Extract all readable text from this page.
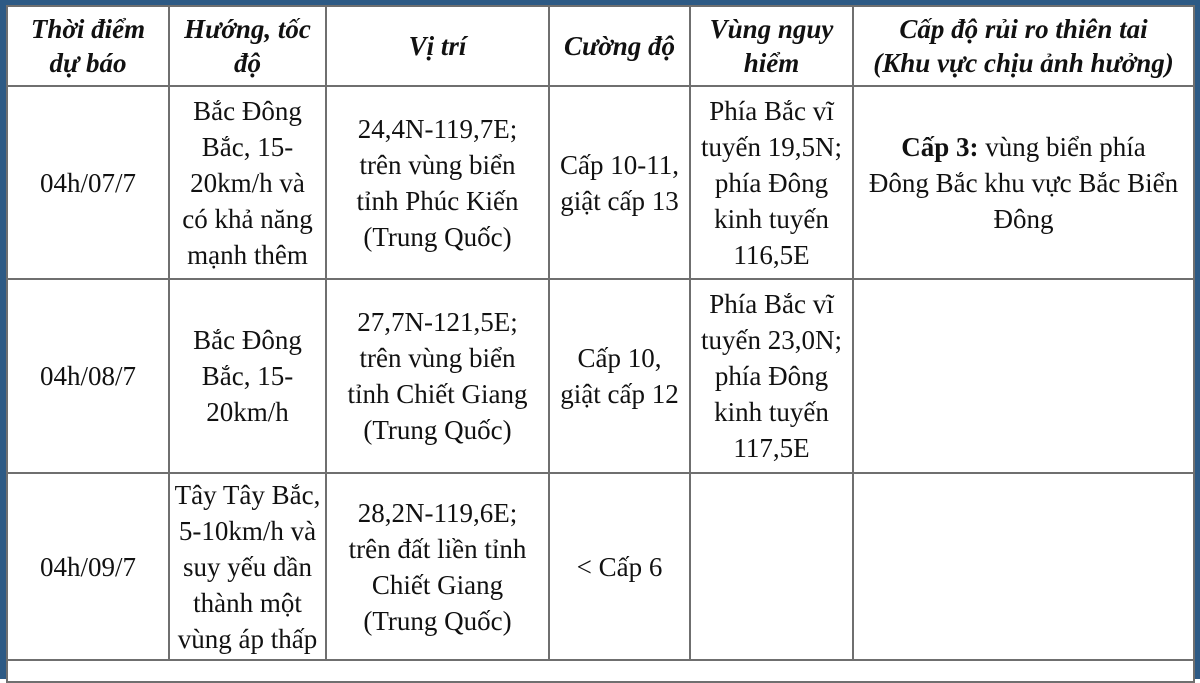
Thời điểm
dự báo	Hướng, tốc
độ	Vị trí	Cường độ	Vùng nguy
hiểm	Cấp độ rủi ro thiên tai
(Khu vực chịu ảnh hưởng)

04h/07/7	Bắc Đông
Bắc, 15-
20km/h và
có khả năng
mạnh thêm	24,4N-119,7E;
trên vùng biển
tỉnh Phúc Kiến
(Trung Quốc)	Cấp 10-11,
giật cấp 13	Phía Bắc vĩ
tuyến 19,5N;
phía Đông
kinh tuyến
116,5E	Cấp 3: vùng biển phía
Đông Bắc khu vực Bắc Biển
Đông

04h/08/7	Bắc Đông
Bắc, 15-
20km/h	27,7N-121,5E;
trên vùng biển
tỉnh Chiết Giang
(Trung Quốc)	Cấp 10,
giật cấp 12	Phía Bắc vĩ
tuyến 23,0N;
phía Đông
kinh tuyến
117,5E	

04h/09/7	Tây Tây Bắc,
5-10km/h và
suy yếu dần
thành một
vùng áp thấp	28,2N-119,6E;
trên đất liền tỉnh
Chiết Giang
(Trung Quốc)	< Cấp 6		
